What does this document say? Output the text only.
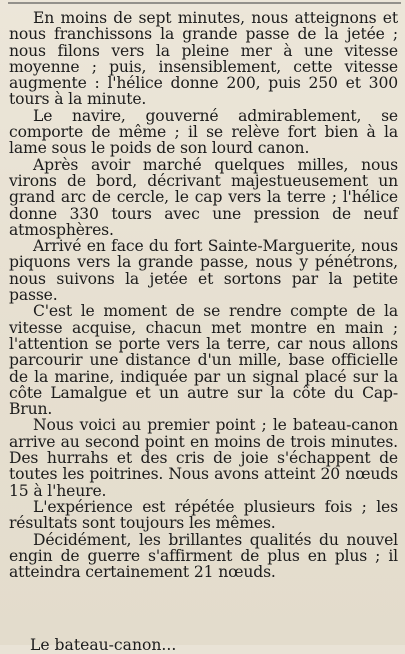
En moins de sept minutes, nous atteignons et nous franchissons la grande passe de la jetée ; nous filons vers la pleine mer à une vitesse moyenne ; puis, insensiblement, cette vitesse augmente : l'hélice donne 200, puis 250 et 300 tours à la minute.

Le navire, gouverné admirablement, se comporte de même ; il se relève fort bien à la lame sous le poids de son lourd canon.

Après avoir marché quelques milles, nous virons de bord, décrivant majestueusement un grand arc de cercle, le cap vers la terre ; l'hélice donne 330 tours avec une pression de neuf atmosphères.

Arrivé en face du fort Sainte-Marguerite, nous piquons vers la grande passe, nous y pénétrons, nous suivons la jetée et sortons par la petite passe.

C'est le moment de se rendre compte de la vitesse acquise, chacun met montre en main ; l'attention se porte vers la terre, car nous allons parcourir une distance d'un mille, base officielle de la marine, indiquée par un signal placé sur la côte Lamalgue et un autre sur la côte du Cap-Brun.

Nous voici au premier point ; le bateau-canon arrive au second point en moins de trois minutes. Des hurrahs et des cris de joie s'échappent de toutes les poitrines. Nous avons atteint 20 nœuds 15 à l'heure.

L'expérience est répétée plusieurs fois ; les résultats sont toujours les mêmes.

Décidément, les brillantes qualités du nouvel engin de guerre s'affirment de plus en plus ; il atteindra certainement 21 nœuds.

Le bateau-canon...
